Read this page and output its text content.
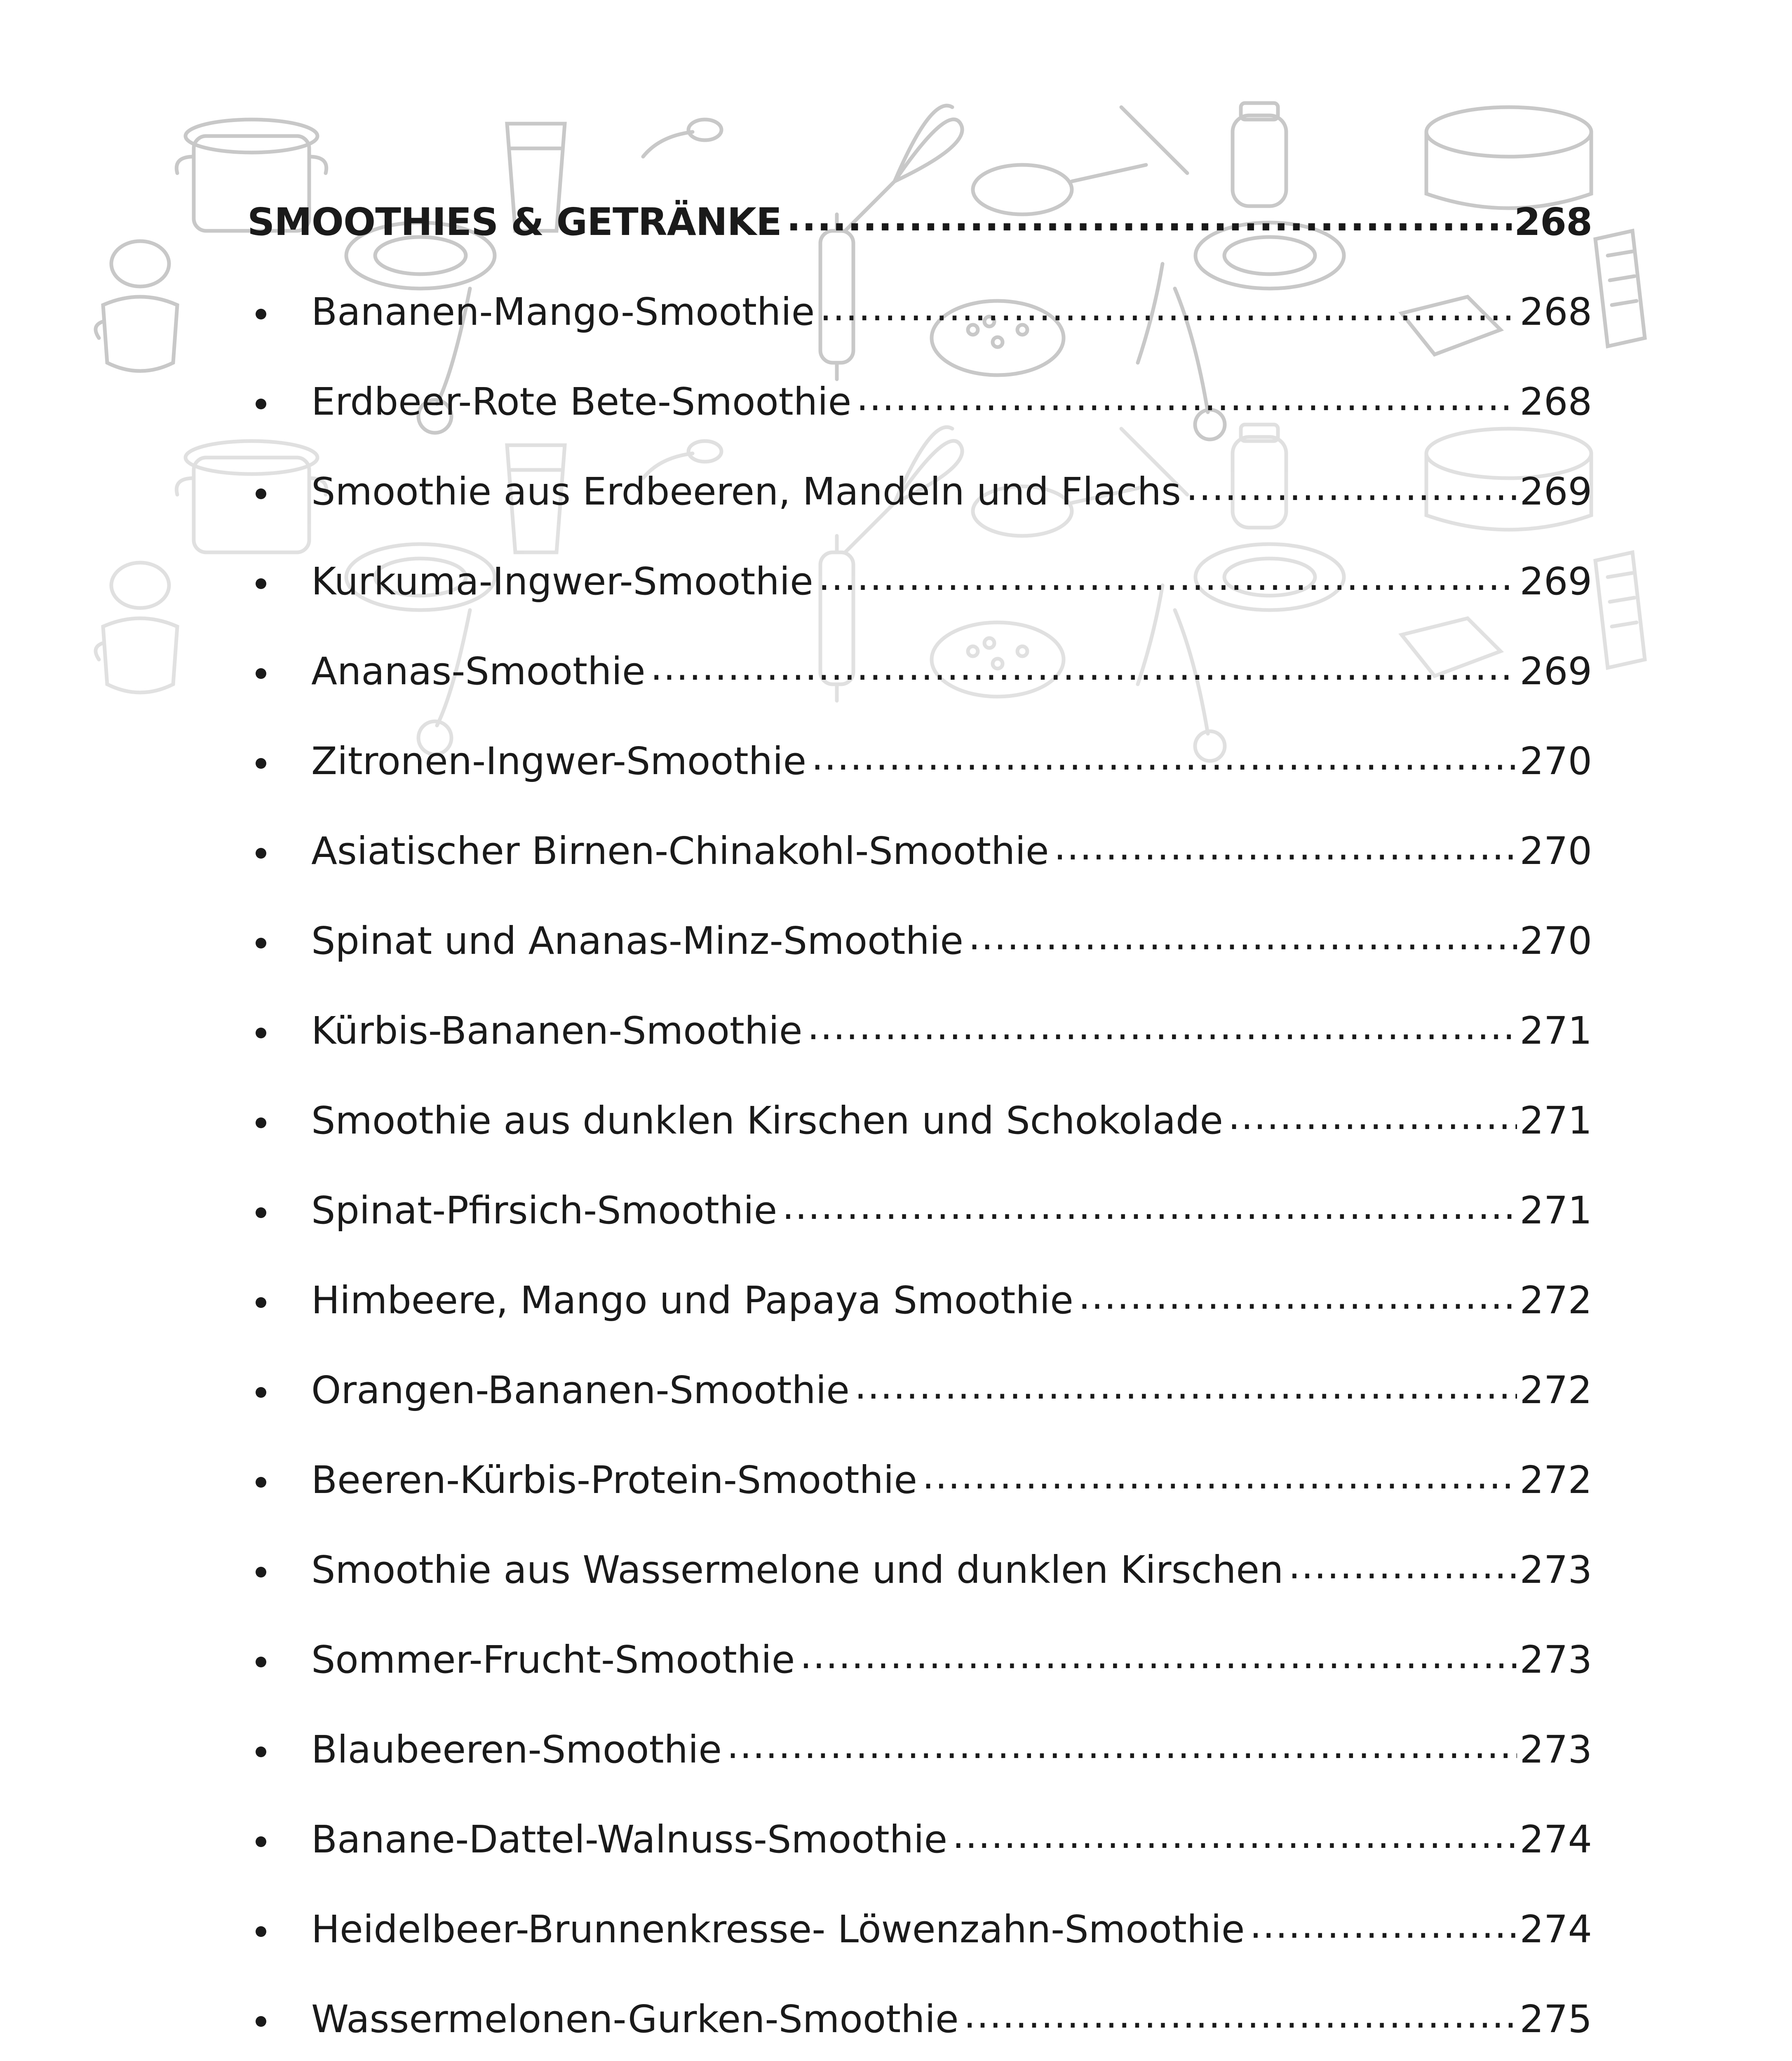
SMOOTHIES & GETRÄNKE .....	268
Bananen-Mango-Smoothie .....	268
Erdbeer-Rote Bete-Smoothie .....	268
Smoothie aus Erdbeeren, Mandeln und Flachs .....	269
Kurkuma-Ingwer-Smoothie .....	269
Ananas-Smoothie .....	269
Zitronen-Ingwer-Smoothie .....	270
Asiatischer Birnen-Chinakohl-Smoothie .....	270
Spinat und Ananas-Minz-Smoothie .....	270
Kürbis-Bananen-Smoothie .....	271
Smoothie aus dunklen Kirschen und Schokolade .....	271
Spinat-Pfirsich-Smoothie .....	271
Himbeere, Mango und Papaya Smoothie .....	272
Orangen-Bananen-Smoothie .....	272
Beeren-Kürbis-Protein-Smoothie .....	272
Smoothie aus Wassermelone und dunklen Kirschen .....	273
Sommer-Frucht-Smoothie .....	273
Blaubeeren-Smoothie .....	273
Banane-Dattel-Walnuss-Smoothie .....	274
Heidelbeer-Brunnenkresse- Löwenzahn-Smoothie .....	274
Wassermelonen-Gurken-Smoothie .....	275
